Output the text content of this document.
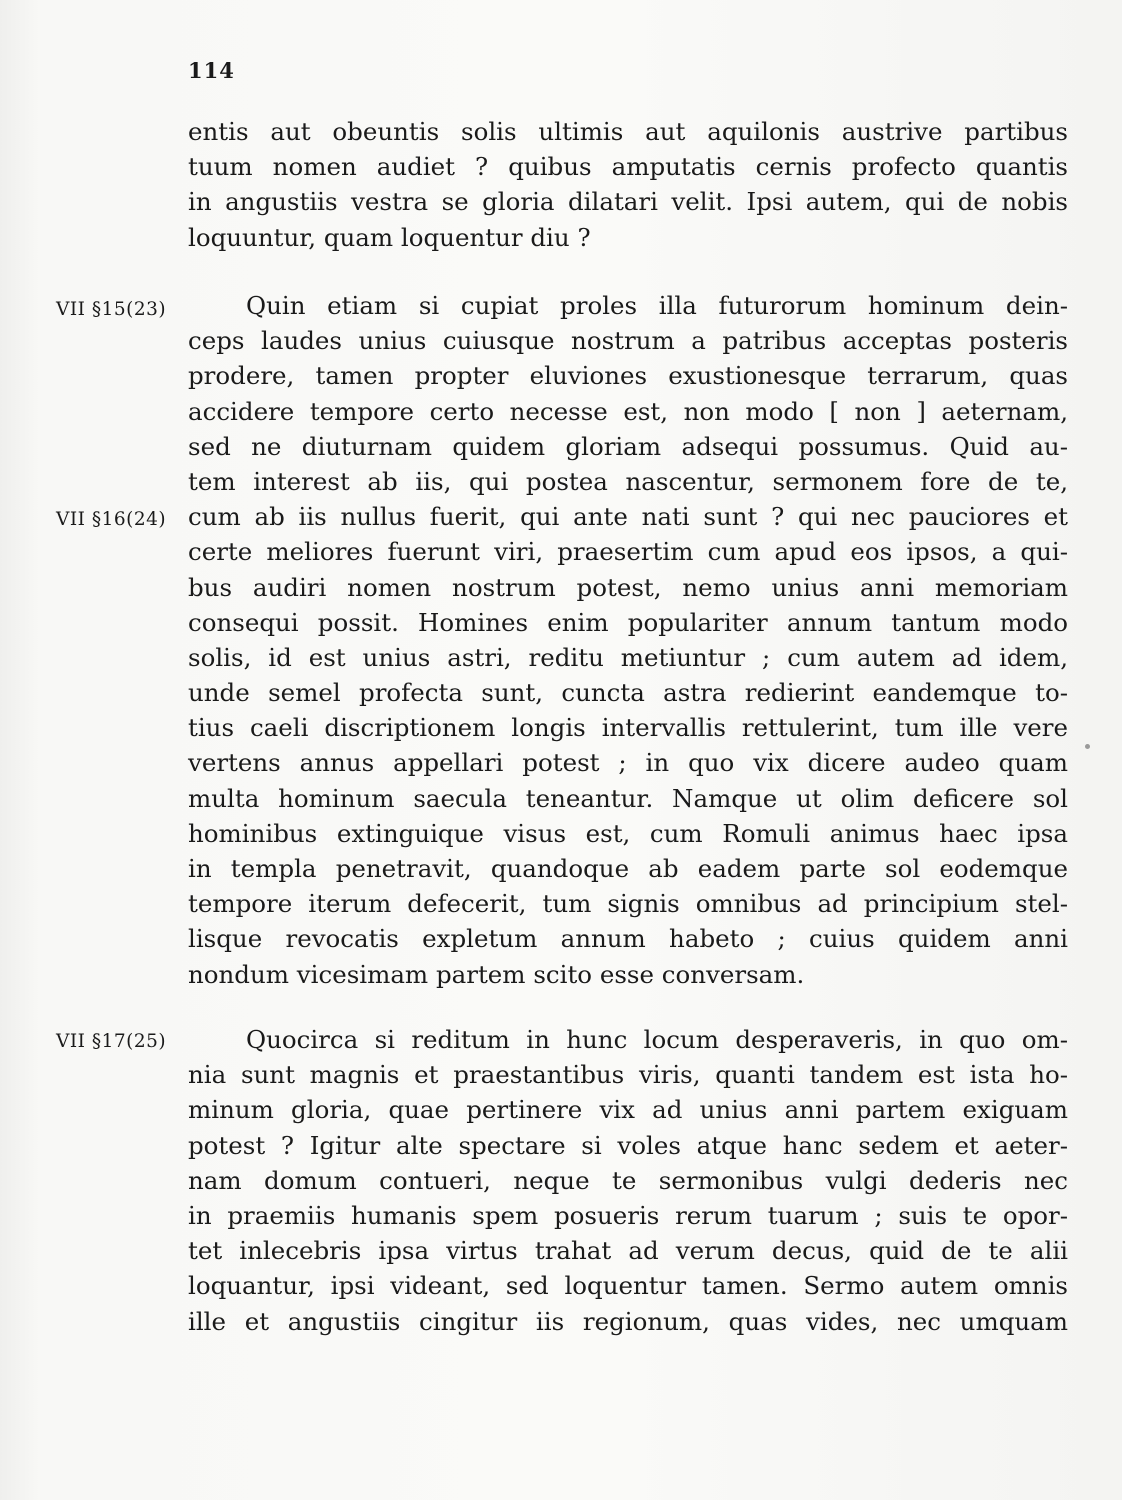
114
VII §15(23)
VII §16(24)
VII §17(25)
entis aut obeuntis solis ultimis aut aquilonis austrive partibus
tuum nomen audiet ? quibus amputatis cernis profecto quantis
in angustiis vestra se gloria dilatari velit. Ipsi autem, qui de nobis
loquuntur, quam loquentur diu ?
Quin etiam si cupiat proles illa futurorum hominum dein-
ceps laudes unius cuiusque nostrum a patribus acceptas posteris
prodere, tamen propter eluviones exustionesque terrarum, quas
accidere tempore certo necesse est, non modo [ non ] aeternam,
sed ne diuturnam quidem gloriam adsequi possumus. Quid au-
tem interest ab iis, qui postea nascentur, sermonem fore de te,
cum ab iis nullus fuerit, qui ante nati sunt ? qui nec pauciores et
certe meliores fuerunt viri, praesertim cum apud eos ipsos, a qui-
bus audiri nomen nostrum potest, nemo unius anni memoriam
consequi possit. Homines enim populariter annum tantum modo
solis, id est unius astri, reditu metiuntur ; cum autem ad idem,
unde semel profecta sunt, cuncta astra redierint eandemque to-
tius caeli discriptionem longis intervallis rettulerint, tum ille vere
vertens annus appellari potest ; in quo vix dicere audeo quam
multa hominum saecula teneantur. Namque ut olim deficere sol
hominibus extinguique visus est, cum Romuli animus haec ipsa
in templa penetravit, quandoque ab eadem parte sol eodemque
tempore iterum defecerit, tum signis omnibus ad principium stel-
lisque revocatis expletum annum habeto ; cuius quidem anni
nondum vicesimam partem scito esse conversam.
Quocirca si reditum in hunc locum desperaveris, in quo om-
nia sunt magnis et praestantibus viris, quanti tandem est ista ho-
minum gloria, quae pertinere vix ad unius anni partem exiguam
potest ? Igitur alte spectare si voles atque hanc sedem et aeter-
nam domum contueri, neque te sermonibus vulgi dederis nec
in praemiis humanis spem posueris rerum tuarum ; suis te opor-
tet inlecebris ipsa virtus trahat ad verum decus, quid de te alii
loquantur, ipsi videant, sed loquentur tamen. Sermo autem omnis
ille et angustiis cingitur iis regionum, quas vides, nec umquam
